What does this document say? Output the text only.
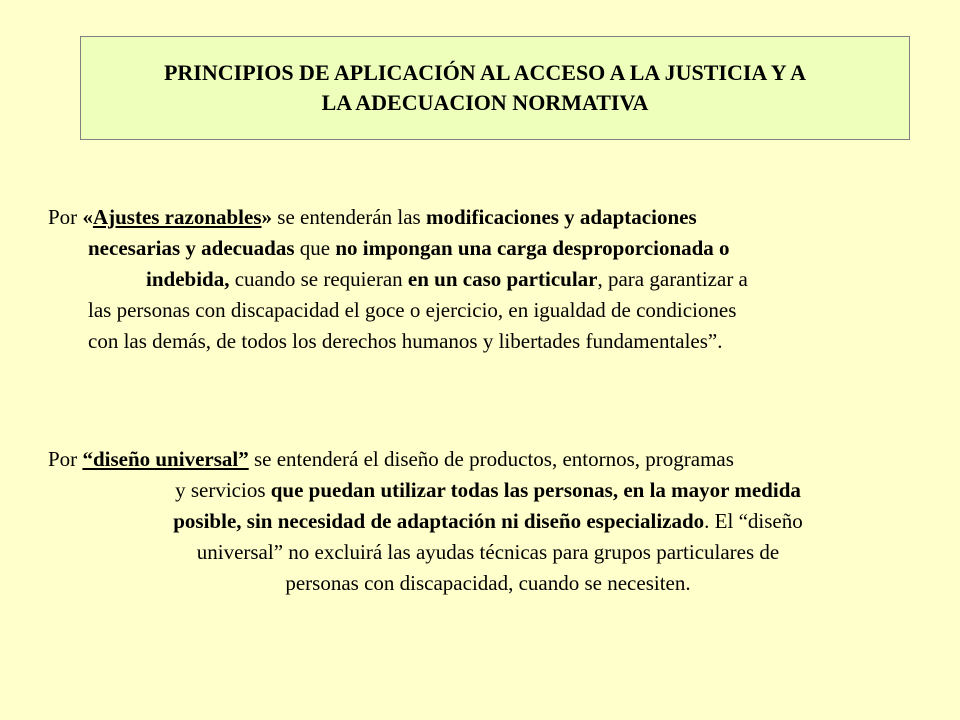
PRINCIPIOS DE APLICACIÓN AL ACCESO A LA JUSTICIA Y A
LA ADECUACION NORMATIVA
Por «Ajustes razonables» se entenderán las modificaciones y adaptaciones
necesarias y adecuadas que no impongan una carga desproporcionada o
indebida, cuando se requieran en un caso particular, para garantizar a
las personas con discapacidad el goce o ejercicio, en igualdad de condiciones
con las demás, de todos los derechos humanos y libertades fundamentales”.
Por “diseño universal” se entenderá el diseño de productos, entornos, programas
y servicios que puedan utilizar todas las personas, en la mayor medida
posible, sin necesidad de adaptación ni diseño especializado. El “diseño
universal” no excluirá las ayudas técnicas para grupos particulares de
personas con discapacidad, cuando se necesiten.
